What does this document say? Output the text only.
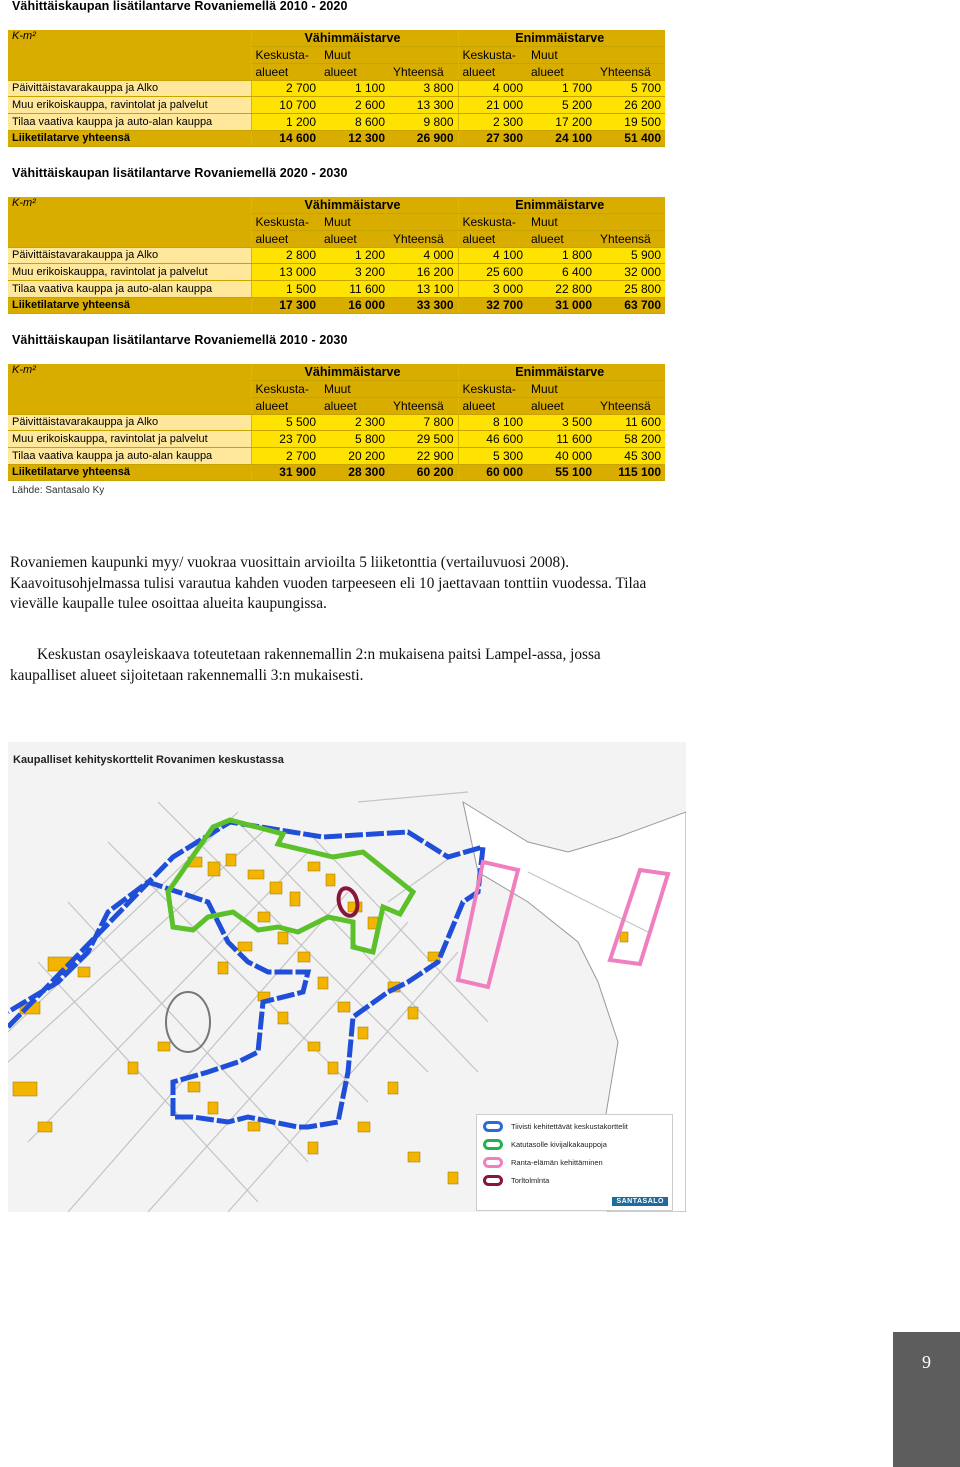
Vähittäiskaupan lisätilantarve Rovaniemellä 2010 - 2020
K-m²	Vähimmäistarve			Enimmäistarve		
	Keskusta-	Muut		Keskusta-	Muut	
	alueet	alueet	Yhteensä	alueet	alueet	Yhteensä
Päivittäistavarakauppa ja Alko	2 700	1 100	3 800	4 000	1 700	5 700
Muu erikoiskauppa, ravintolat ja palvelut	10 700	2 600	13 300	21 000	5 200	26 200
Tilaa vaativa kauppa ja auto-alan kauppa	1 200	8 600	9 800	2 300	17 200	19 500
Liiketilatarve yhteensä	14 600	12 300	26 900	27 300	24 100	51 400
Vähittäiskaupan lisätilantarve Rovaniemellä 2020 - 2030
K-m²	Vähimmäistarve			Enimmäistarve		
	Keskusta-	Muut		Keskusta-	Muut	
	alueet	alueet	Yhteensä	alueet	alueet	Yhteensä
Päivittäistavarakauppa ja Alko	2 800	1 200	4 000	4 100	1 800	5 900
Muu erikoiskauppa, ravintolat ja palvelut	13 000	3 200	16 200	25 600	6 400	32 000
Tilaa vaativa kauppa ja auto-alan kauppa	1 500	11 600	13 100	3 000	22 800	25 800
Liiketilatarve yhteensä	17 300	16 000	33 300	32 700	31 000	63 700
Vähittäiskaupan lisätilantarve Rovaniemellä 2010 - 2030
K-m²	Vähimmäistarve			Enimmäistarve		
	Keskusta-	Muut		Keskusta-	Muut	
	alueet	alueet	Yhteensä	alueet	alueet	Yhteensä
Päivittäistavarakauppa ja Alko	5 500	2 300	7 800	8 100	3 500	11 600
Muu erikoiskauppa, ravintolat ja palvelut	23 700	5 800	29 500	46 600	11 600	58 200
Tilaa vaativa kauppa ja auto-alan kauppa	2 700	20 200	22 900	5 300	40 000	45 300
Liiketilatarve yhteensä	31 900	28 300	60 200	60 000	55 100	115 100
Lähde: Santasalo Ky

Rovaniemen kaupunki myy/ vuokraa vuosittain arvioilta 5 liiketonttia (vertailuvuosi 2008). Kaavoitusohjelmassa tulisi varautua kahden vuoden tarpeeseen eli 10 jaettavaan tonttiin vuodessa. Tilaa vievälle kaupalle tulee osoittaa alueita kaupungissa.

Keskustan osayleiskaava toteutetaan rakennemallin 2:n mukaisena paitsi Lampel-assa, jossa kaupalliset alueet sijoitetaan rakennemalli 3:n mukaisesti.

Kaupalliset kehityskorttelit Rovanimen keskustassa
Tiivisti kehitettävät keskustakorttelit
Katutasolle kivijalkakauppoja
Ranta-elämän kehittäminen
Torltolmlnta
SANTASALO
9
